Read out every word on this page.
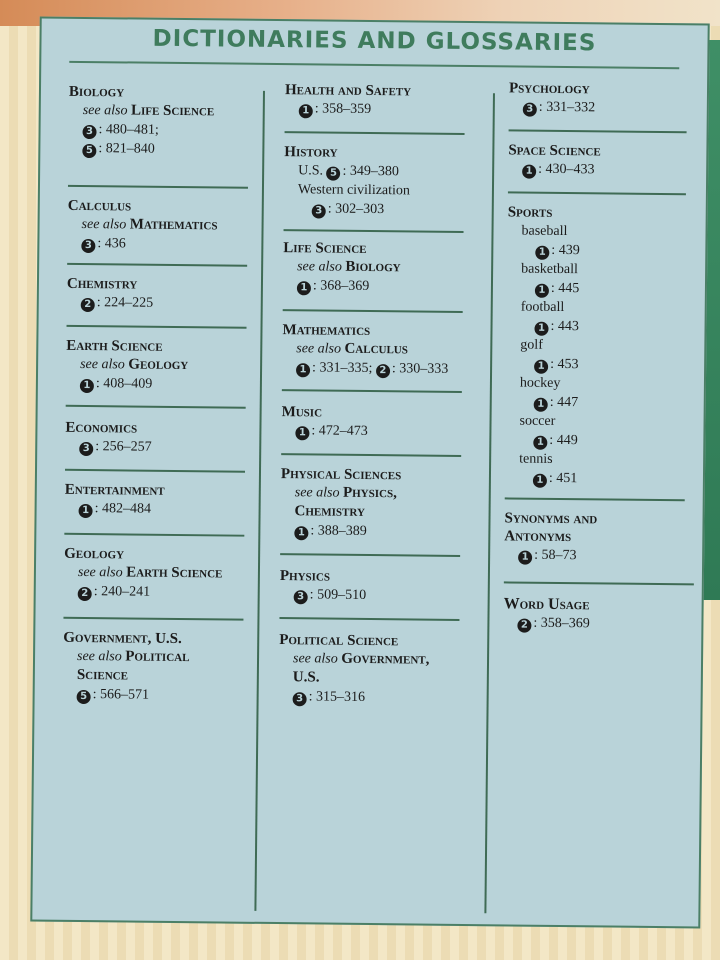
DICTIONARIES AND GLOSSARIES
Biology
see also Life Science
3 : 480–481;
5 : 821–840
Calculus
see also Mathematics
3 : 436
Chemistry
2 : 224–225
Earth Science
see also Geology
1 : 408–409
Economics
3 : 256–257
Entertainment
1 : 482–484
Geology
see also Earth Science
2 : 240–241
Government, U.S.
see also Political
Science
5 : 566–571
Health and Safety
1 : 358–359
History
U.S. 5 : 349–380
Western civilization
3 : 302–303
Life Science
see also Biology
1 : 368–369
Mathematics
see also Calculus
1 : 331–335; 2 : 330–333
Music
1 : 472–473
Physical Sciences
see also Physics,
Chemistry
1 : 388–389
Physics
3 : 509–510
Political Science
see also Government,
U.S.
3 : 315–316
Psychology
3 : 331–332
Space Science
1 : 430–433
Sports
baseball
1 : 439
basketball
1 : 445
football
1 : 443
golf
1 : 453
hockey
1 : 447
soccer
1 : 449
tennis
1 : 451
Synonyms and
Antonyms
1 : 58–73
Word Usage
2 : 358–369
